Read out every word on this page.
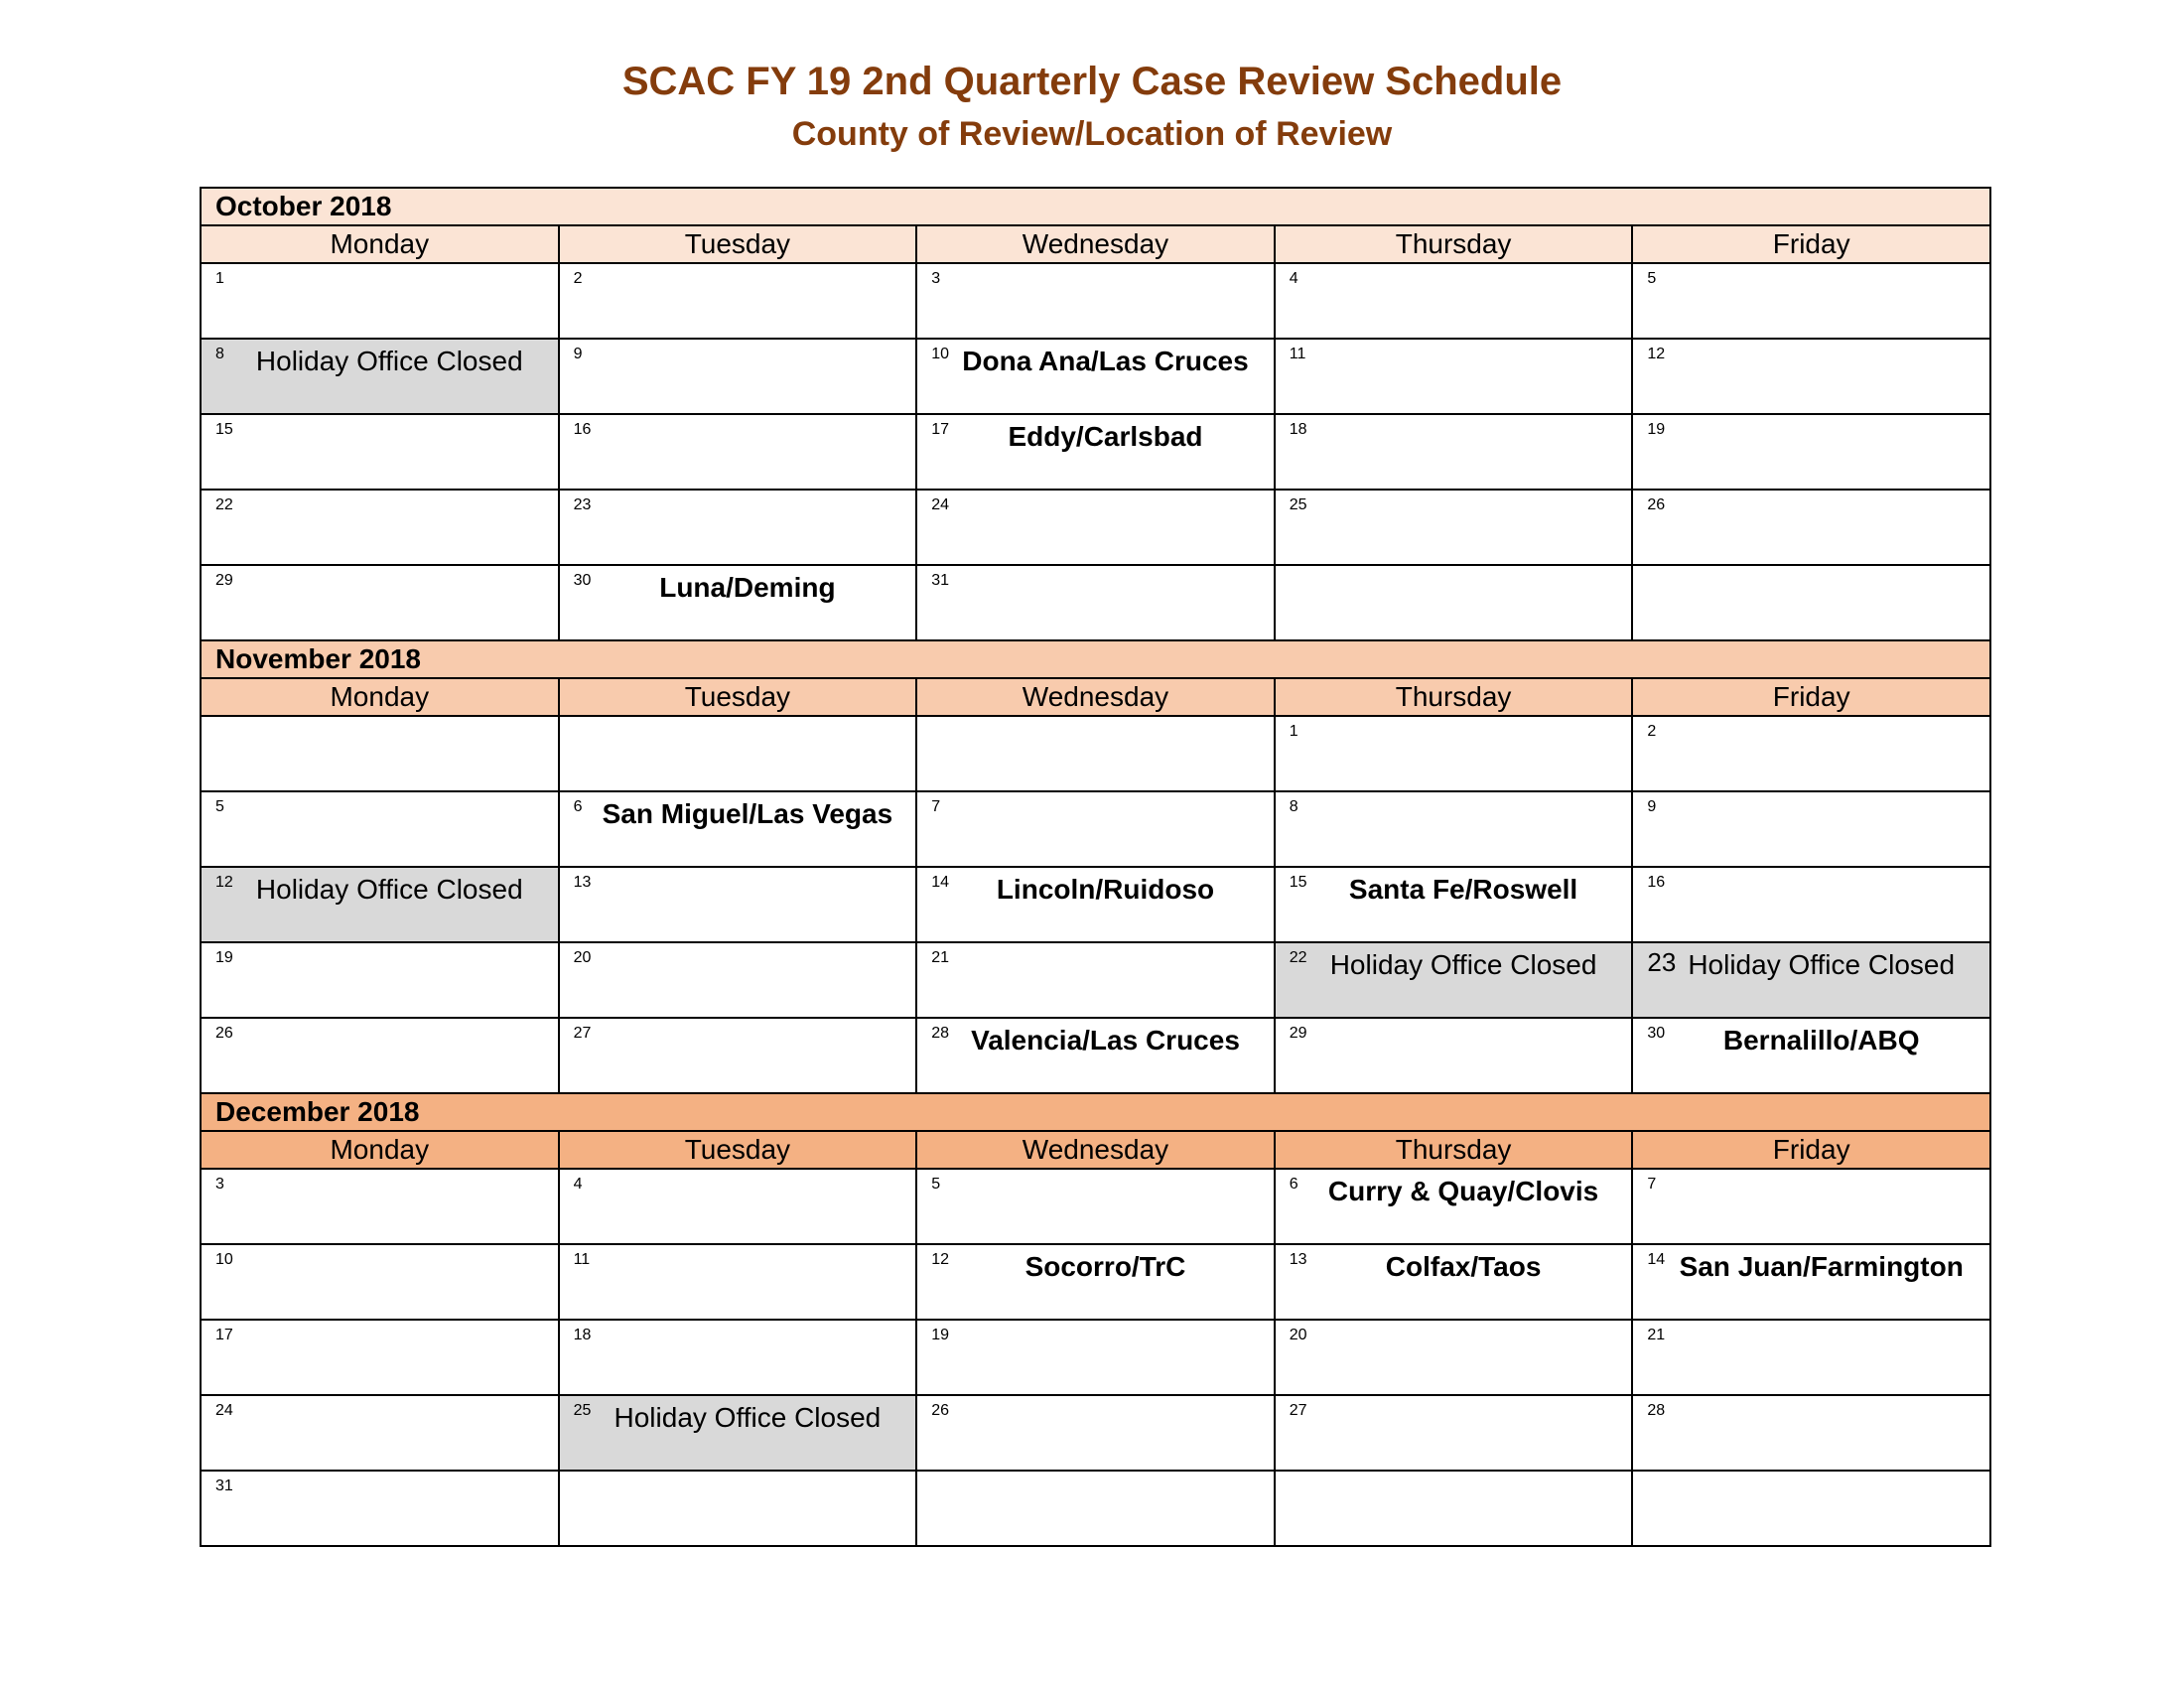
SCAC FY 19 2nd Quarterly Case Review Schedule
County of Review/Location of Review
October 2018				
Monday	Tuesday	Wednesday	Thursday	Friday

1	2	3	4	5

8 Holiday Office Closed	9	10 Dona Ana/Las Cruces	11	12

15	16	17 Eddy/Carlsbad	18	19

22	23	24	25	26

29	30 Luna/Deming	31		

November 2018				
Monday	Tuesday	Wednesday	Thursday	Friday

			1	2

5	6 San Miguel/Las Vegas	7	8	9

12 Holiday Office Closed	13	14 Lincoln/Ruidoso	15 Santa Fe/Roswell	16

19	20	21	22 Holiday Office Closed	23 Holiday Office Closed

26	27	28 Valencia/Las Cruces	29	30 Bernalillo/ABQ

December 2018				
Monday	Tuesday	Wednesday	Thursday	Friday

3	4	5	6 Curry & Quay/Clovis	7

10	11	12 Socorro/TrC	13 Colfax/Taos	14 San Juan/Farmington

17	18	19	20	21

24	25 Holiday Office Closed	26	27	28

31				
